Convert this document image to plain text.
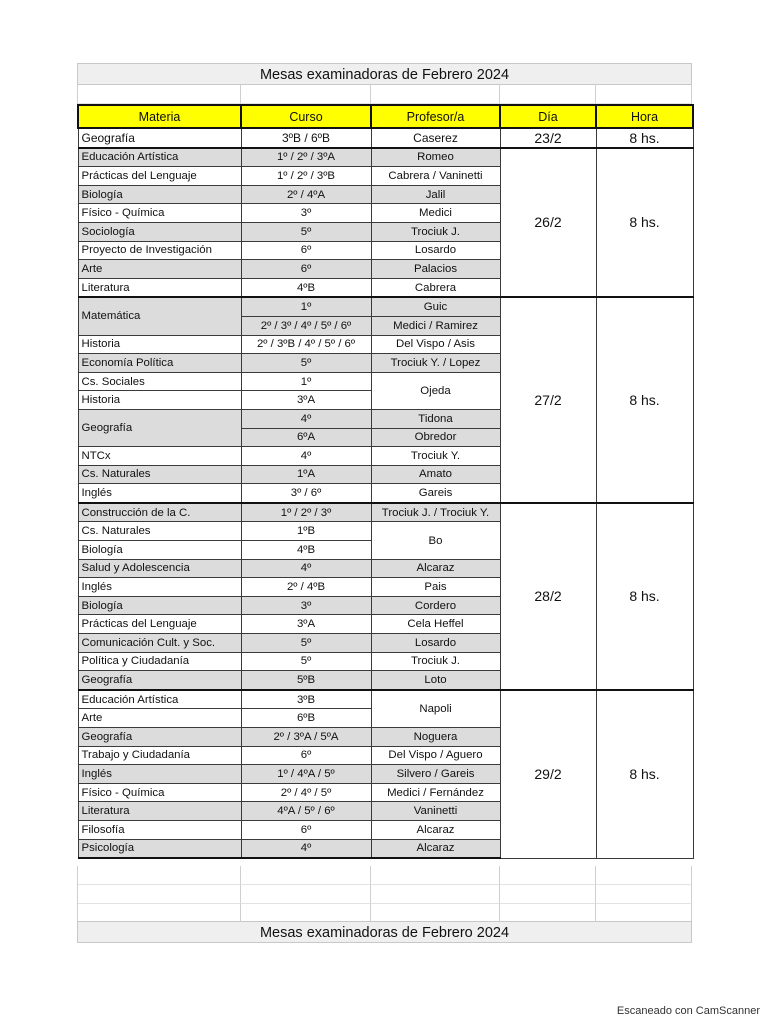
Mesas examinadoras de Febrero 2024
Materia	Curso	Profesor/a	Día	Hora
Geografía	3ºB / 6ºB	Caserez	23/2	8 hs.
Educación Artística	1º / 2º / 3ºA	Romeo	26/2	8 hs.
Prácticas del Lenguaje	1º / 2º / 3ºB	Cabrera / Vaninetti		
Biología	2º / 4ºA	Jalil		
Físico - Química	3º	Medici		
Sociología	5º	Trociuk J.		
Proyecto de Investigación	6º	Losardo		
Arte	6º	Palacios		
Literatura	4ºB	Cabrera		
Matemática	1º	Guic	27/2	8 hs.
	2º / 3º / 4º / 5º / 6º	Medici / Ramirez		
Historia	2º / 3ºB / 4º / 5º / 6º	Del Vispo / Asis		
Economía Política	5º	Trociuk Y. / Lopez		
Cs. Sociales	1º	Ojeda		
Historia	3ºA			
Geografía	4º	Tidona		
	6ºA	Obredor		
NTCx	4º	Trociuk Y.		
Cs. Naturales	1ºA	Amato		
Inglés	3º / 6º	Gareis		
Construcción de la C.	1º / 2º / 3º	Trociuk J. / Trociuk Y.	28/2	8 hs.
Cs. Naturales	1ºB	Bo		
Biología	4ºB			
Salud y Adolescencia	4º	Alcaraz		
Inglés	2º / 4ºB	Pais		
Biología	3º	Cordero		
Prácticas del Lenguaje	3ºA	Cela Heffel		
Comunicación Cult. y Soc.	5º	Losardo		
Política y Ciudadanía	5º	Trociuk J.		
Geografía	5ºB	Loto		
Educación Artística	3ºB	Napoli	29/2	8 hs.
Arte	6ºB			
Geografía	2º / 3ºA / 5ºA	Noguera		
Trabajo y Ciudadanía	6º	Del Vispo / Aguero		
Inglés	1º / 4ºA / 5º	Silvero / Gareis		
Físico - Química	2º / 4º / 5º	Medici / Fernández		
Literatura	4ºA / 5º / 6º	Vaninetti		
Filosofía	6º	Alcaraz		
Psicología	4º	Alcaraz		
Mesas examinadoras de Febrero 2024
Escaneado con CamScanner
